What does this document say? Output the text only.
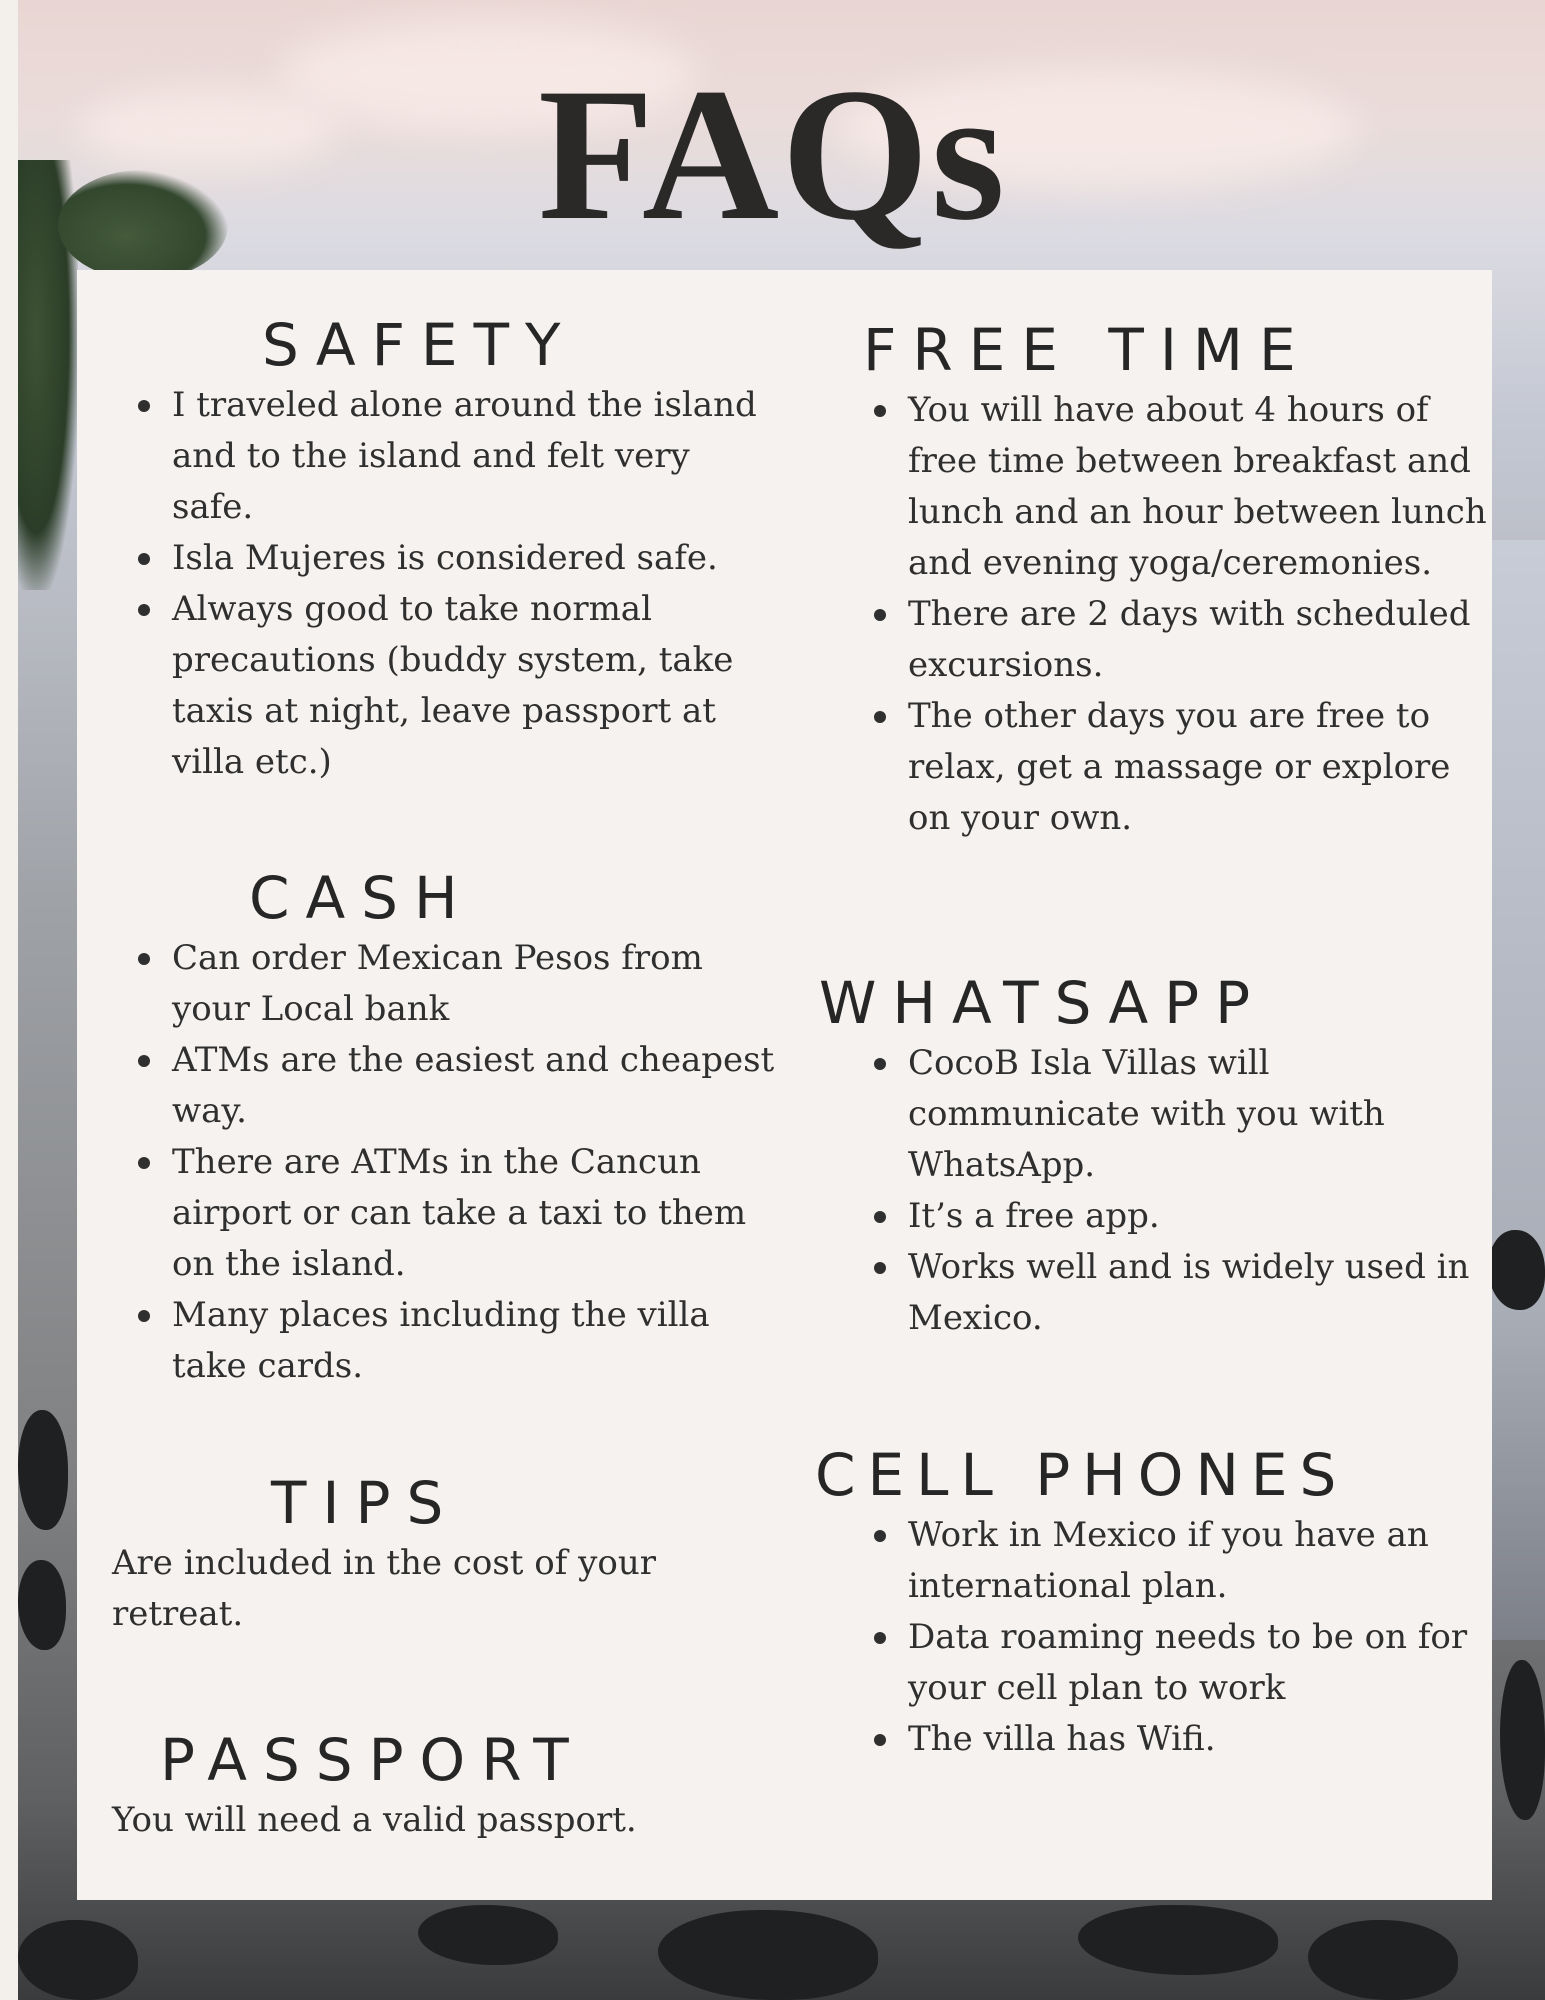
FAQs
SAFETY
I traveled alone around the island and to the island and felt very safe.
Isla Mujeres is considered safe.
Always good to take normal precautions (buddy system, take taxis at night, leave passport at villa etc.)
CASH
Can order Mexican Pesos from your Local bank
ATMs are the easiest and cheapest way.
There are ATMs in the Cancun airport or can take a taxi to them on the island.
Many places including the villa take cards.
TIPS

Are included in the cost of your retreat.

PASSPORT

You will need a valid passport.

FREE TIME
You will have about 4 hours of free time between breakfast and lunch and an hour between lunch and evening yoga/ceremonies.
There are 2 days with scheduled excursions.
The other days you are free to relax, get a massage or explore on your own.
WHATSAPP
CocoB Isla Villas will communicate with you with WhatsApp.
It’s a free app.
Works well and is widely used in Mexico.
CELL PHONES
Work in Mexico if you have an international plan.
Data roaming needs to be on for your cell plan to work
The villa has Wifi.
